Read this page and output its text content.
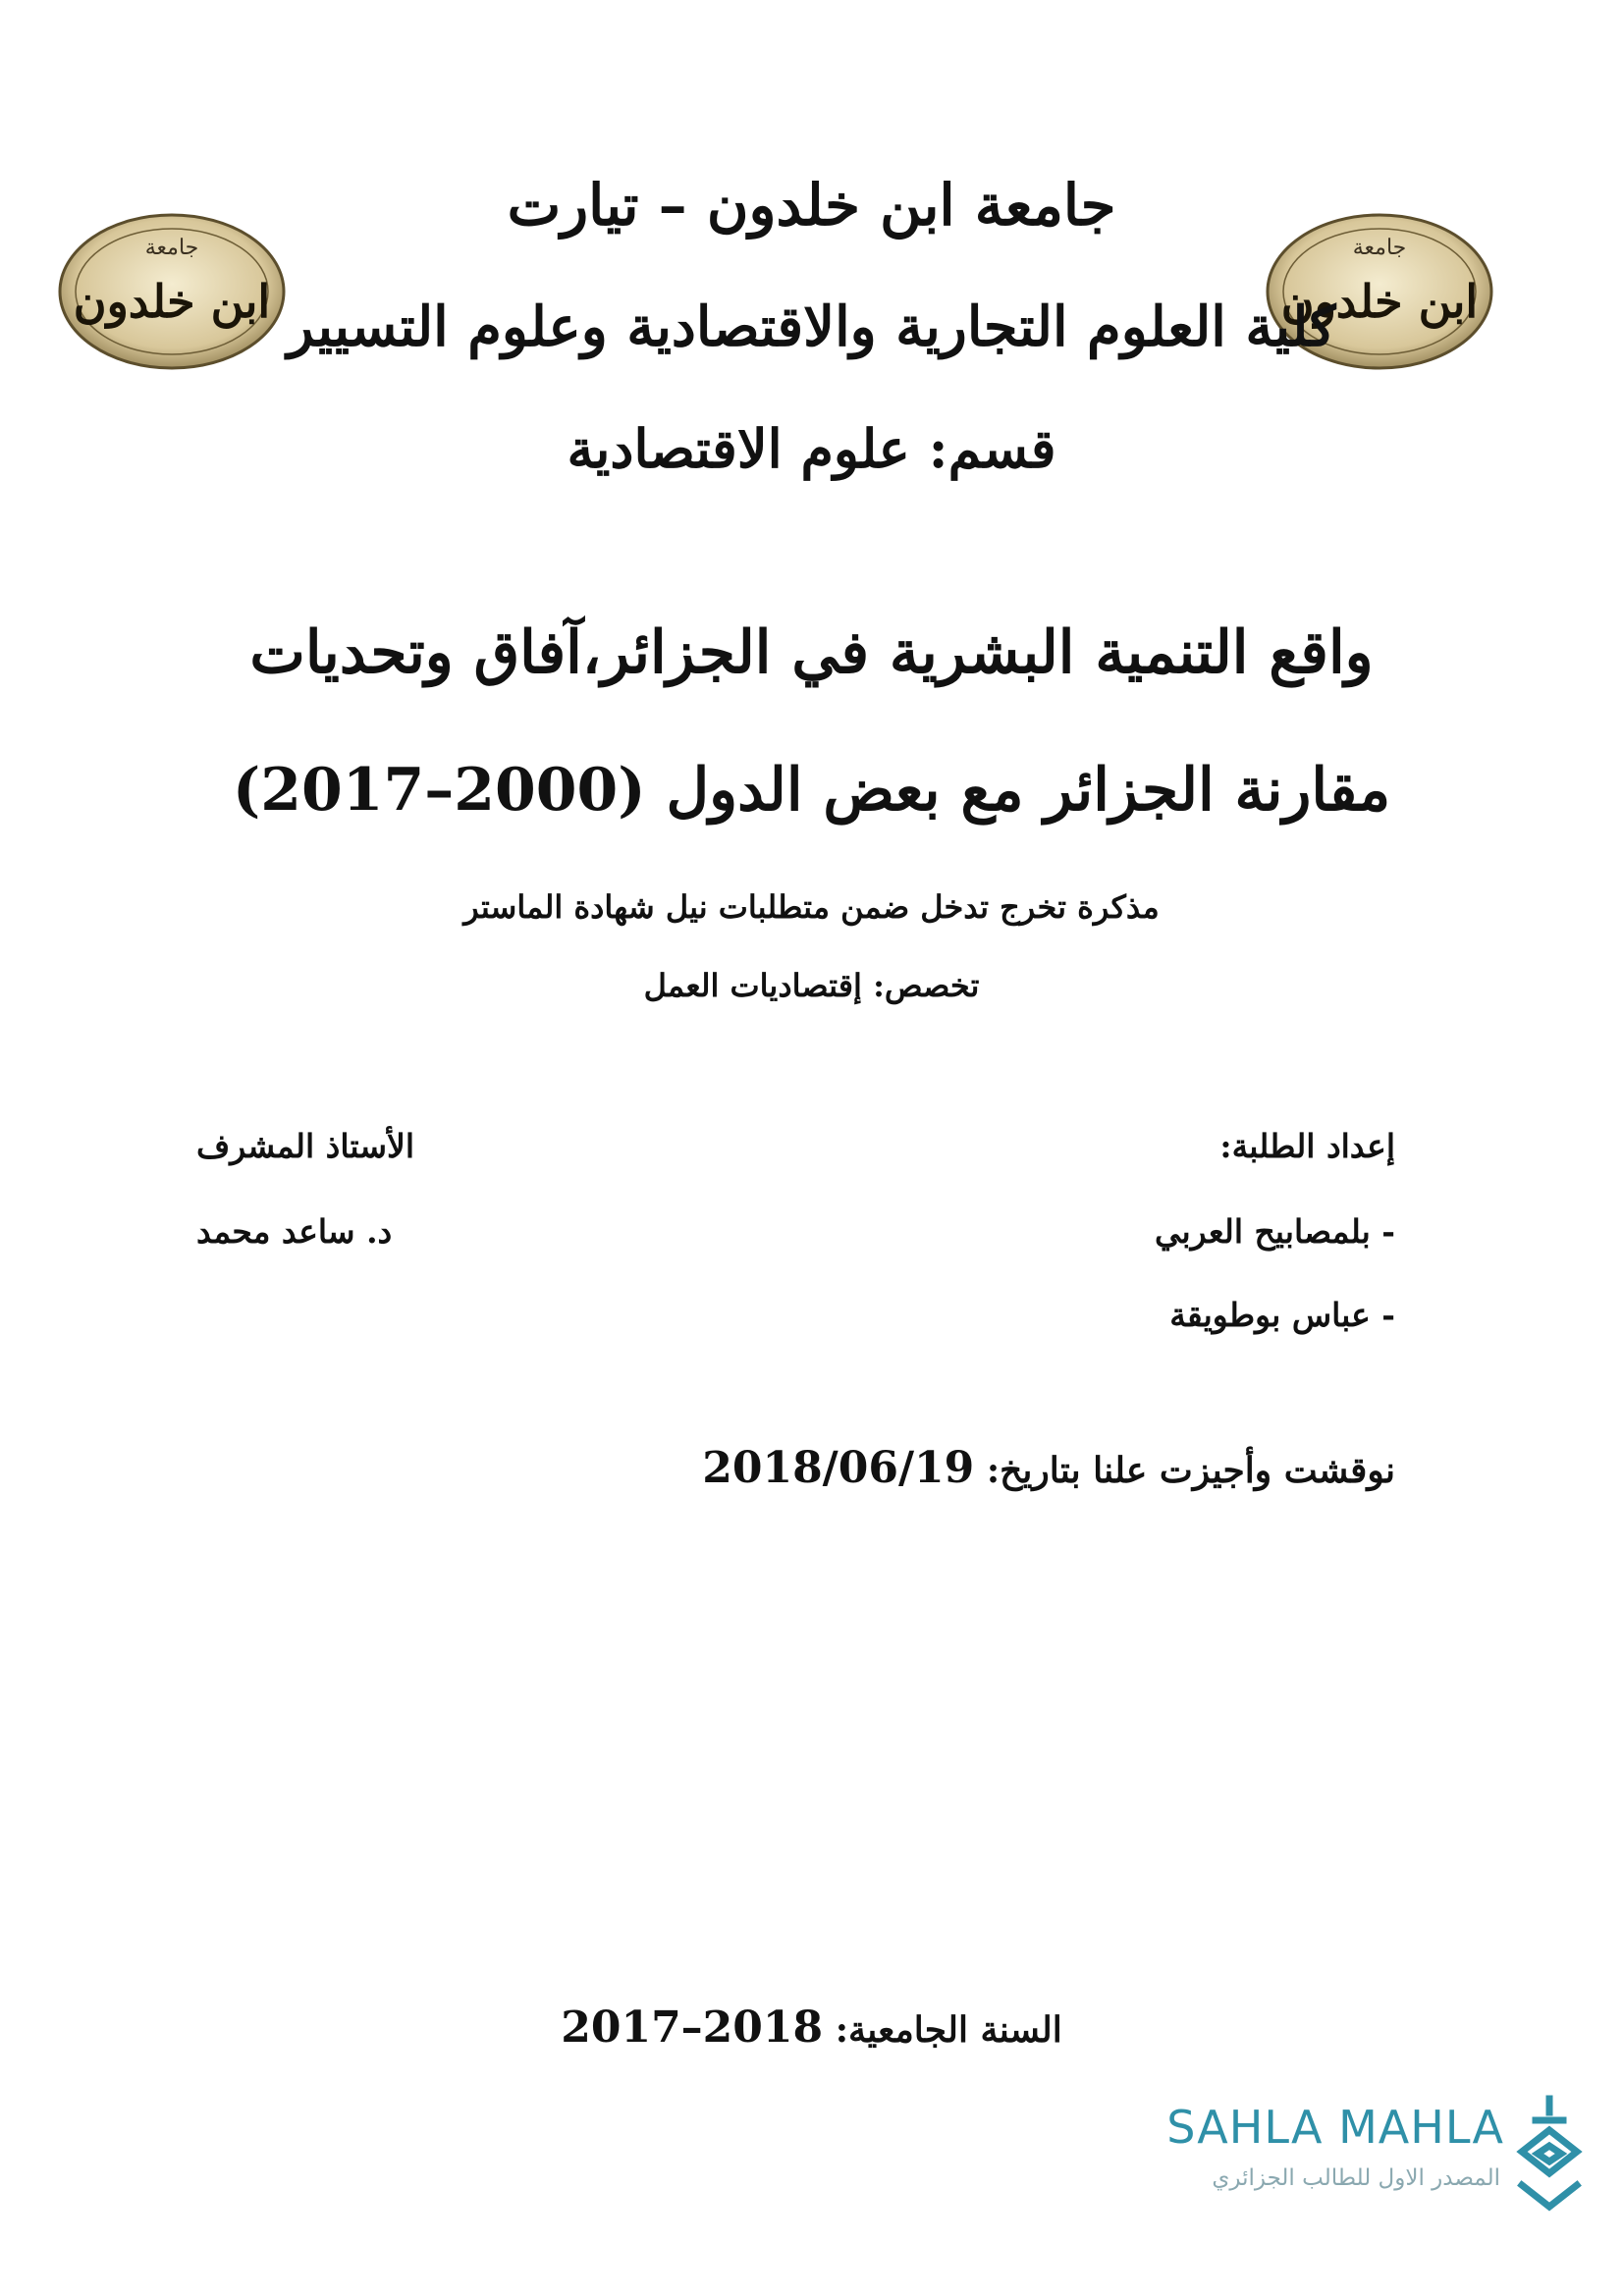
جامعة
ابن خلدون
جامعة
ابن خلدون
جامعة ابن خلدون – تيارت
كلية العلوم التجارية والاقتصادية وعلوم التسيير
قسم: علوم الاقتصادية
واقع التنمية البشرية في الجزائر،آفاق وتحديات
مقارنة الجزائر مع بعض الدول (2000–2017)
مذكرة تخرج تدخل ضمن متطلبات نيل شهادة الماستر
تخصص: إقتصاديات العمل
إعداد الطلبة:
الأستاذ المشرف
- بلمصابيح العربي
- عباس بوطويقة
د. ساعد محمد
نوقشت وأجيزت علنا بتاريخ: 2018/06/19
السنة الجامعية: 2017–2018
SAHLA MAHLA
المصدر الاول للطالب الجزائري
